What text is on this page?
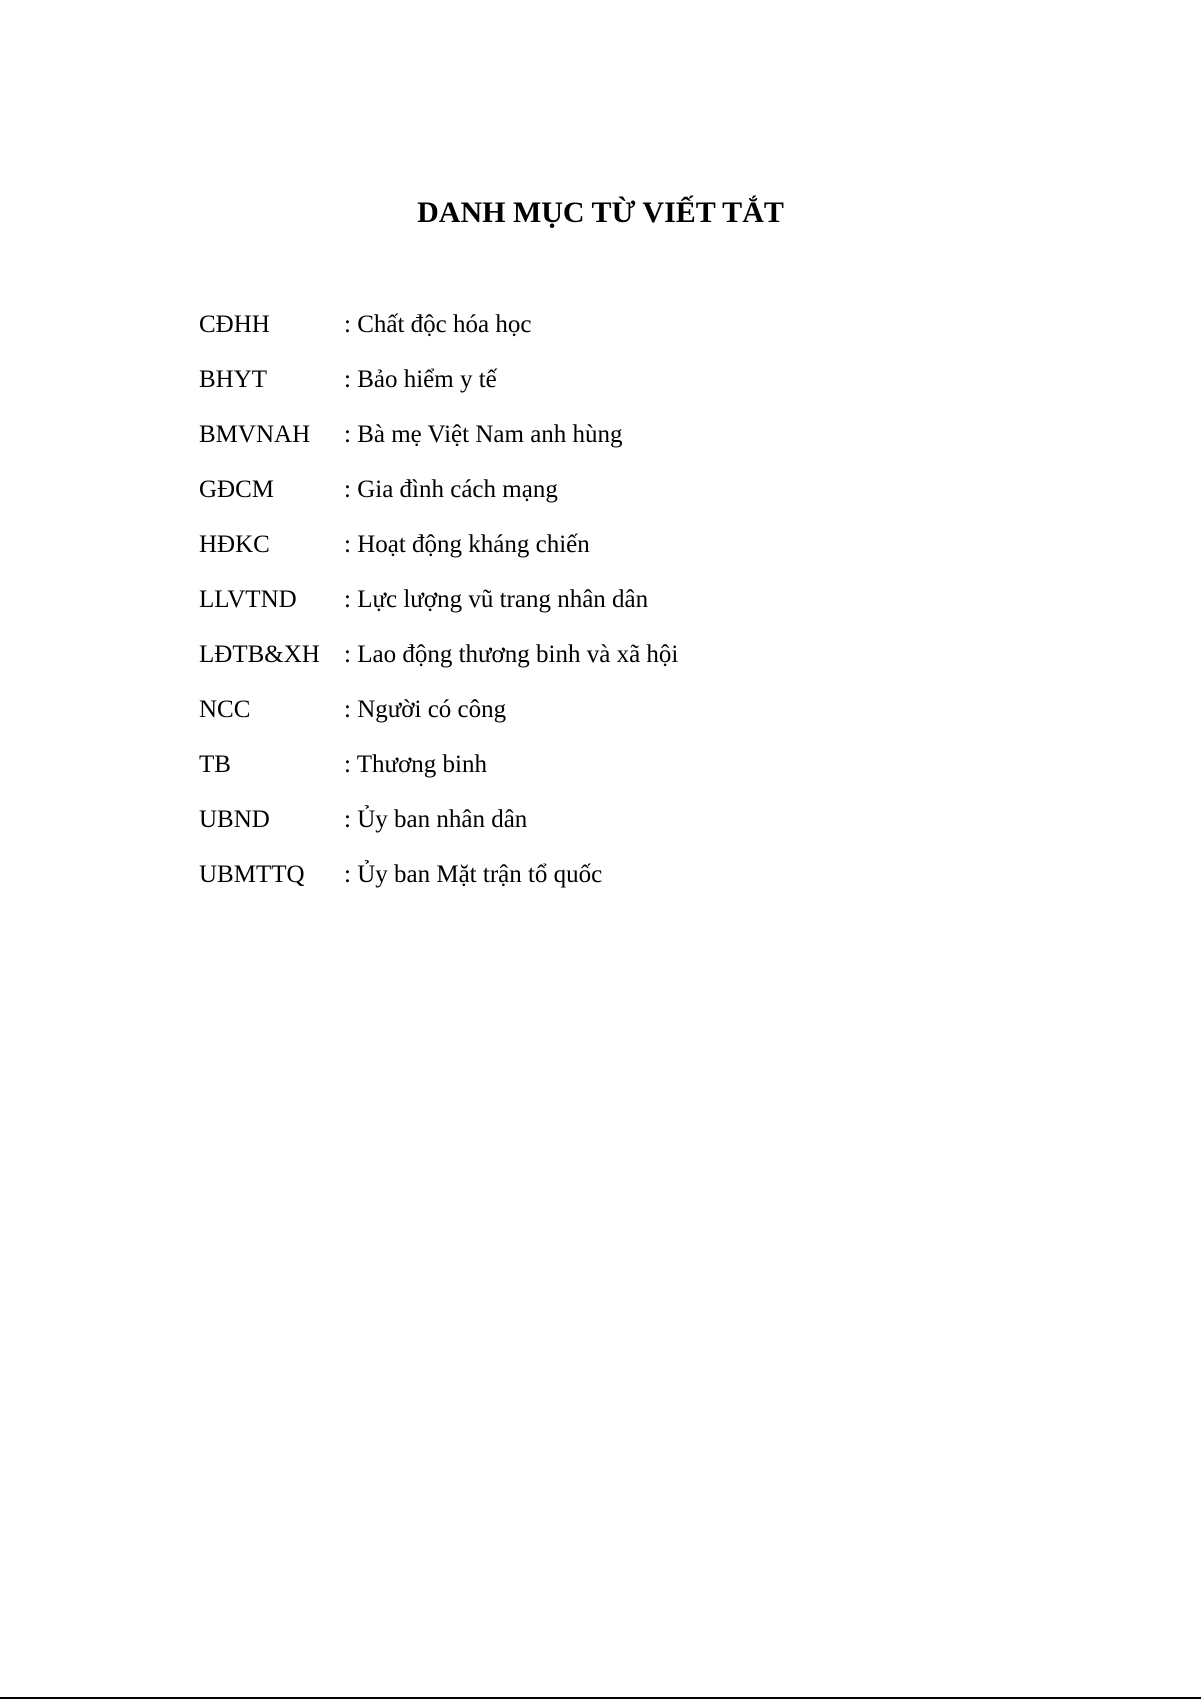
DANH MỤC TỪ VIẾT TẮT
CĐHH	: Chất độc hóa học
BHYT	: Bảo hiểm y tế
BMVNAH	: Bà mẹ Việt Nam anh hùng
GĐCM	: Gia đình cách mạng
HĐKC	: Hoạt động kháng chiến
LLVTND	: Lực lượng vũ trang nhân dân
LĐTB&XH : Lao động thương binh và xã hội
NCC	: Người có công
TB	: Thương binh
UBND	: Ủy ban nhân dân
UBMTTQ	: Ủy ban Mặt trận tổ quốc
